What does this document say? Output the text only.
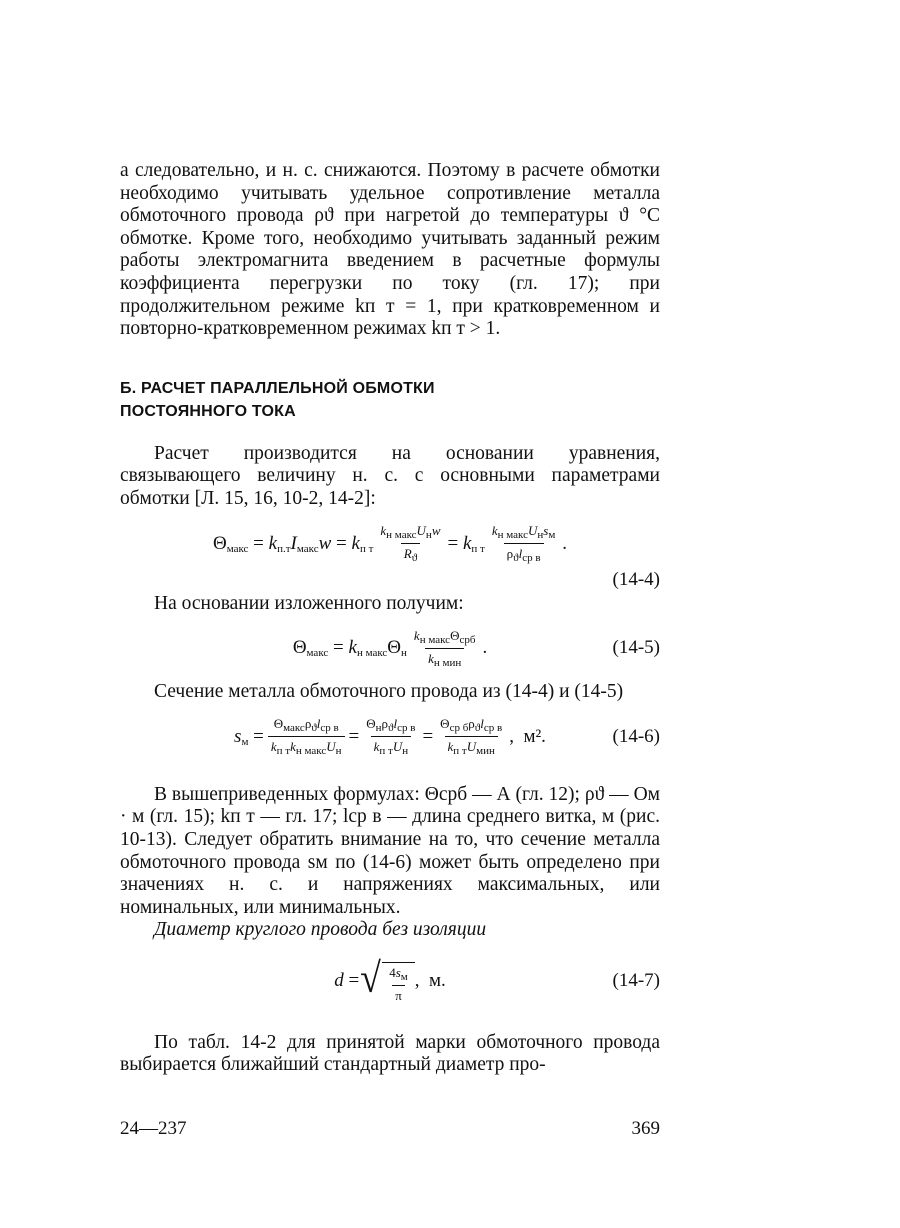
а следовательно, и н. с. снижаются. Поэтому в расчете обмотки необходимо учитывать удельное сопротивление металла обмоточного провода ρϑ при нагретой до температуры ϑ °С обмотке. Кроме того, необходимо учитывать заданный режим работы электромагнита введением в расчетные формулы коэффициента перегрузки по току (гл. 17); при продолжительном режиме kп т = 1, при кратковременном и повторно-кратковременном режимах kп т > 1.

Б. РАСЧЕТ ПАРАЛЛЕЛЬНОЙ ОБМОТКИ
ПОСТОЯННОГО ТОКА

Расчет производится на основании уравнения, связывающего величину н. с. с основными параметрами обмотки [Л. 15, 16, 10-2, 14-2]:

$\Theta_{макс} = k_{п.т}I_{макс}w = k_{п т} \frac{k_{н макс}U_нw}{R_ϑ} = k_{п т} \frac{k_{н макс}U_нs_м}{\rho_ϑl_{ср в}}$ .
(14-4)

На основании изложенного получим:

$\Theta_{макс} = k_{н макс}\Theta_н \frac{k_{н макс}\Theta_{срб}}{k_{н мин}}$ .	(14-5)

Сечение металла обмоточного провода из (14-4) и (14-5)

$s_м = \frac{\Theta_{макс}\rho_ϑl_{ср в}}{k_{п т}k_{н макс}U_н} = \frac{\Theta_н\rho_ϑl_{ср в}}{k_{п т}U_н} = \frac{\Theta_{ср б}\rho_ϑl_{ср в}}{k_{п т}U_{мин}}$ ,  м².	(14-6)

В вышеприведенных формулах: Θсрб — А (гл. 12); ρϑ — Ом · м (гл. 15); kп т — гл. 17; lср в — длина среднего витка, м (рис. 10-13). Следует обратить внимание на то, что сечение металла обмоточного провода sм по (14-6) может быть определено при значениях н. с. и напряжениях максимальных, или номинальных, или минимальных.

Диаметр круглого провода без изоляции

d = √ $\frac{4s_м}{\pi}$ ,  м.	(14-7)

По табл. 14-2 для принятой марки обмоточного провода выбирается ближайший стандартный диаметр про-

24—237	369
